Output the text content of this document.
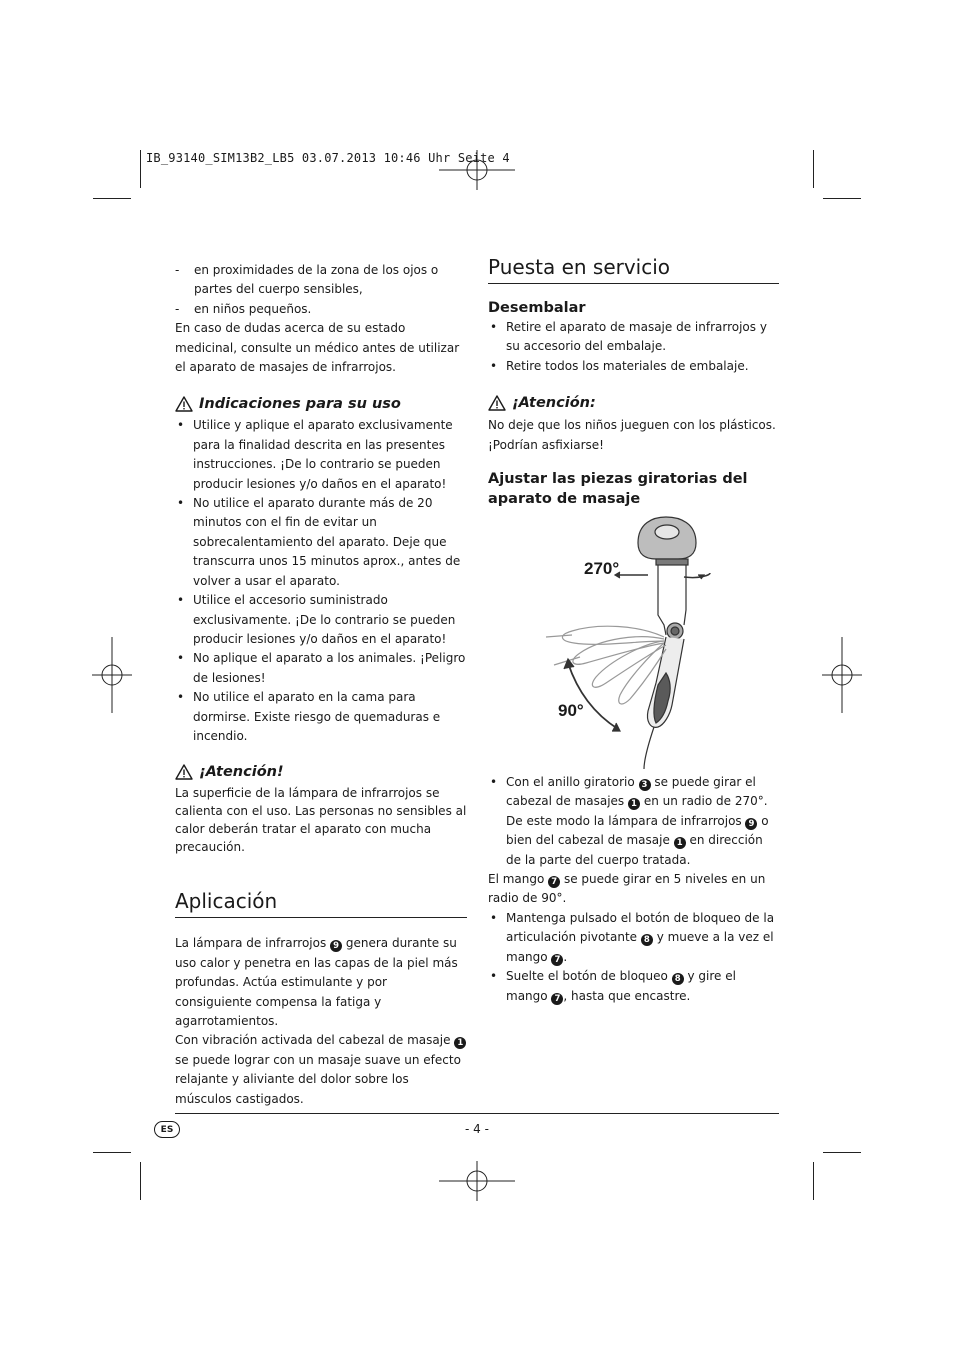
IB_93140_SIM13B2_LB5 03.07.2013 10:46 Uhr Seite 4

- en proximidades de la zona de los ojos o partes del cuerpo sensibles,

- en niños pequeños.

En caso de dudas acerca de su estado medicinal, consulte un médico antes de utilizar el aparato de masajes de infrarrojos.

Indicaciones para su uso

• Utilice y aplique el aparato exclusivamente para la finalidad descrita en las presentes instrucciones. ¡De lo contrario se pueden producir lesiones y/o daños en el aparato!

• No utilice el aparato durante más de 20 minutos con el fin de evitar un sobrecalentamiento del aparato. Deje que transcurra unos 15 minutos aprox., antes de volver a usar el aparato.

• Utilice el accesorio suministrado exclusivamente. ¡De lo contrario se pueden producir lesiones y/o daños en el aparato!

• No aplique el aparato a los animales. ¡Peligro de lesiones!

• No utilice el aparato en la cama para dormirse. Existe riesgo de quemaduras e incendio.

¡Atención!

La superficie de la lámpara de infrarrojos se calienta con el uso. Las personas no sensibles al calor deberán tratar el aparato con mucha precaución.

Aplicación

La lámpara de infrarrojos 9 genera durante su uso calor y penetra en las capas de la piel más profundas. Actúa estimulante y por consiguiente compensa la fatiga y agarrotamientos.

Con vibración activada del cabezal de masaje 1 se puede lograr con un masaje suave un efecto relajante y aliviante del dolor sobre los músculos castigados.

Puesta en servicio
Desembalar

• Retire el aparato de masaje de infrarrojos y su accesorio del embalaje.

• Retire todos los materiales de embalaje.

¡Atención:

No deje que los niños jueguen con los plásticos. ¡Podrían asfixiarse!

Ajustar las piezas giratorias del aparato de masaje
270°
90°

• Con el anillo giratorio 3 se puede girar el cabezal de masajes 1 en un radio de 270°. De este modo la lámpara de infrarrojos 9 o bien del cabezal de masaje 1 en dirección de la parte del cuerpo tratada.

El mango 7 se puede girar en 5 niveles en un radio de 90°.

• Mantenga pulsado el botón de bloqueo de la articulación pivotante 8 y mueve a la vez el mango 7 .

• Suelte el botón de bloqueo 8 y gire el mango 7 , hasta que encastre.

ES	- 4 -
